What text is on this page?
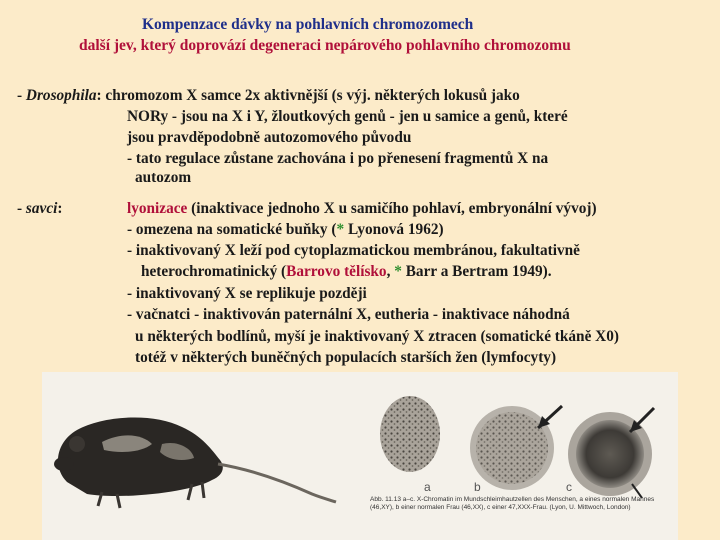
Kompenzace dávky na pohlavních chromozomech
další jev, který doprovází degeneraci nepárového pohlavního chromozomu
- Drosophila: chromozom X samce 2x aktivnější (s výj. některých lokusů jako
NORy - jsou na X i Y, žloutkových genů - jen u samice a genů, které
jsou pravděpodobně autozomového původu
- tato regulace zůstane zachována i po přenesení fragmentů X na
autozom
- savci:	lyonizace (inaktivace jednoho X u samičího pohlaví, embryonální vývoj)
- omezena na somatické buňky (* Lyonová 1962)
- inaktivovaný X leží pod cytoplazmatickou membránou, fakultativně
heterochromatinický (Barrovo tělísko, * Barr a Bertram 1949).
- inaktivovaný X se replikuje později
- vačnatci - inaktivován paternální X, eutheria - inaktivace náhodná
u některých bodlínů, myší je inaktivovaný X ztracen (somatické tkáně X0)
totéž v některých buněčných populacích starších žen (lymfocyty)
a	b	c
Abb. 11.13 a–c. X-Chromatin im Mundschleimhautzellen des Menschen, a eines normalen Mannes (46,XY), b einer normalen Frau (46,XX), c einer 47,XXX-Frau. (Lyon, U. Mittwoch, London)
